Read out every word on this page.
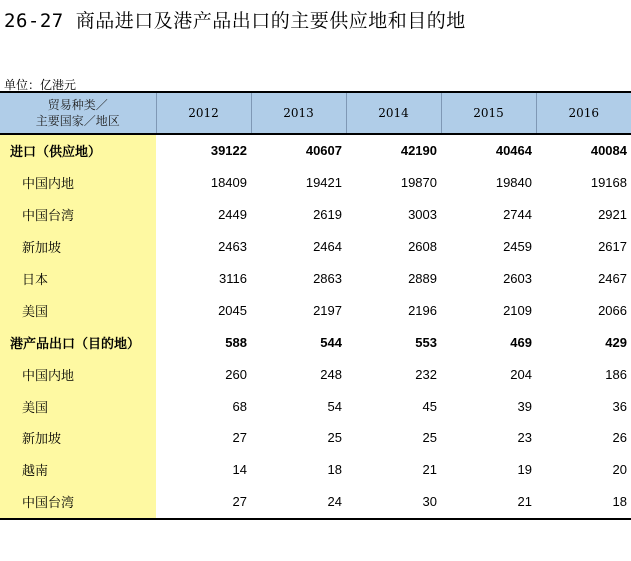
26-27 商品进口及港产品出口的主要供应地和目的地
单位：亿港元
贸易种类／
主要国家／地区	2012	2013	2014	2015	2016
进口（供应地）	39122	40607	42190	40464	40084
中国内地	18409	19421	19870	19840	19168
中国台湾	2449	2619	3003	2744	2921
新加坡	2463	2464	2608	2459	2617
日本	3116	2863	2889	2603	2467
美国	2045	2197	2196	2109	2066
港产品出口（目的地）	588	544	553	469	429
中国内地	260	248	232	204	186
美国	68	54	45	39	36
新加坡	27	25	25	23	26
越南	14	18	21	19	20
中国台湾	27	24	30	21	18
